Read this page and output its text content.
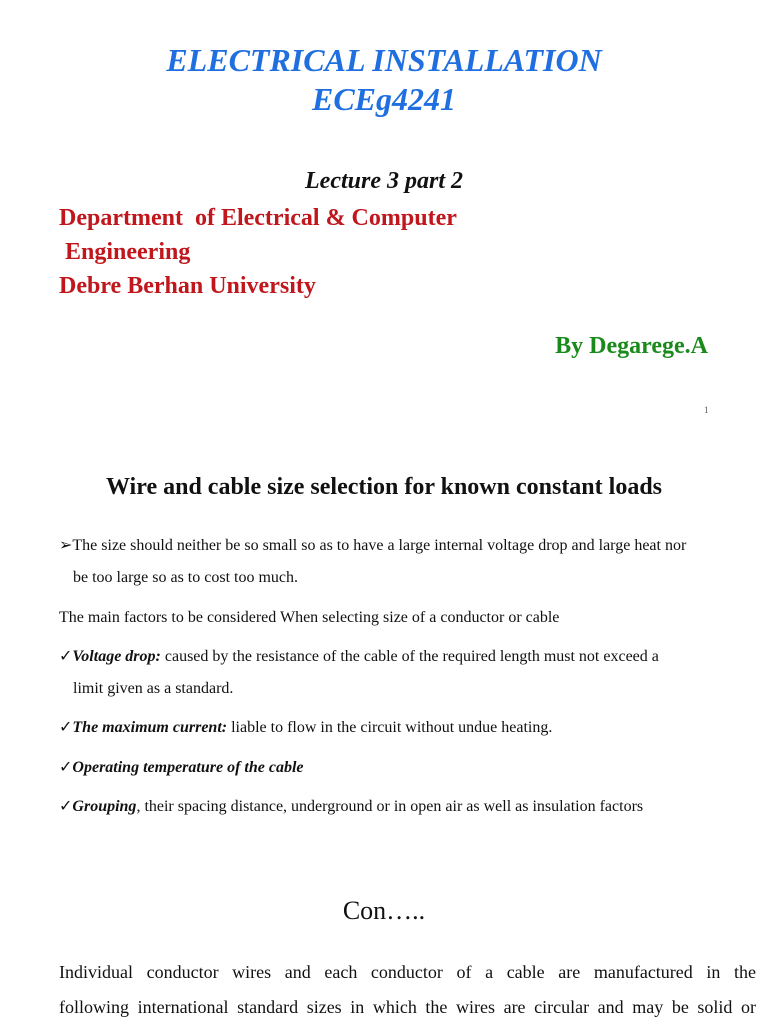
ELECTRICAL INSTALLATION
ECEg4241
Lecture 3 part 2
Department  of Electrical & Computer
Engineering
Debre Berhan University
By Degarege.A
1
Wire and cable size selection for known constant loads
➢The size should neither be so small so as to have a large internal voltage drop and large heat nor
be too large so as to cost too much.
The main factors to be considered When selecting size of a conductor or cable
✓Voltage drop: caused by the resistance of the cable of the required length must not exceed a
limit given as a standard.
✓The maximum current: liable to flow in the circuit without undue heating.
✓Operating temperature of the cable
✓Grouping, their spacing distance, underground or in open air as well as insulation factors
Con…..
Individual conductor wires and each conductor of a cable are manufactured in the
following international standard sizes in which the wires are circular and may be solid or
